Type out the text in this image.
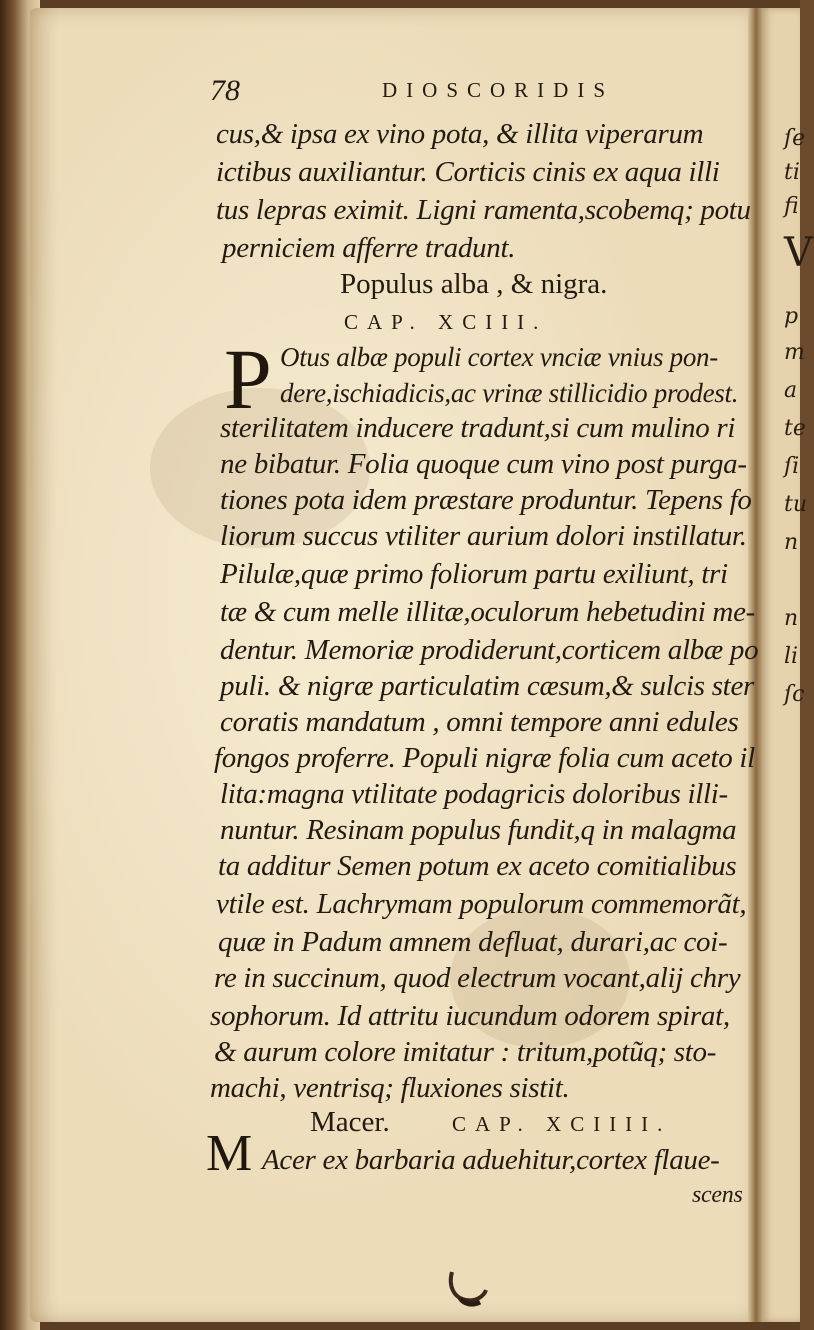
ſe
ti
fi
V
p
m
a
te
ſi
tu
n
n
li
ſc
78	DIOSCORIDIS
cus,& ipsa ex vino pota, & illita viperarum
ictibus auxiliantur. Corticis cinis ex aqua illi
tus lepras eximit. Ligni ramenta,scobemq; potu
perniciem afferre tradunt.
Populus alba , & nigra.
CAP. XCIII.
P Otus albæ populi cortex vnciæ vnius pon-
dere,ischiadicis,ac vrinæ stillicidio prodest.
sterilitatem inducere tradunt,si cum mulino ri
ne bibatur. Folia quoque cum vino post purga-
tiones pota idem præstare produntur. Tepens fo
liorum succus vtiliter aurium dolori instillatur.
Pilulæ,quæ primo foliorum partu exiliunt, tri
tæ & cum melle illitæ,oculorum hebetudini me-
dentur. Memoriæ prodiderunt,corticem albæ po
puli. & nigræ particulatim cæsum,& sulcis ster
coratis mandatum , omni tempore anni edules
fongos proferre. Populi nigræ folia cum aceto il
lita:magna vtilitate podagricis doloribus illi-
nuntur. Resinam populus fundit,q in malagma
ta additur Semen potum ex aceto comitialibus
vtile est. Lachrymam populorum commemorãt,
quæ in Padum amnem defluat, durari,ac coi-
re in succinum, quod electrum vocant,alij chry
sophorum. Id attritu iucundum odorem spirat,
& aurum colore imitatur : tritum,potũq; sto-
machi, ventrisq; fluxiones sistit.
Macer.	CAP. XCIIII.
M Acer ex barbaria aduehitur,cortex flaue-
scens
